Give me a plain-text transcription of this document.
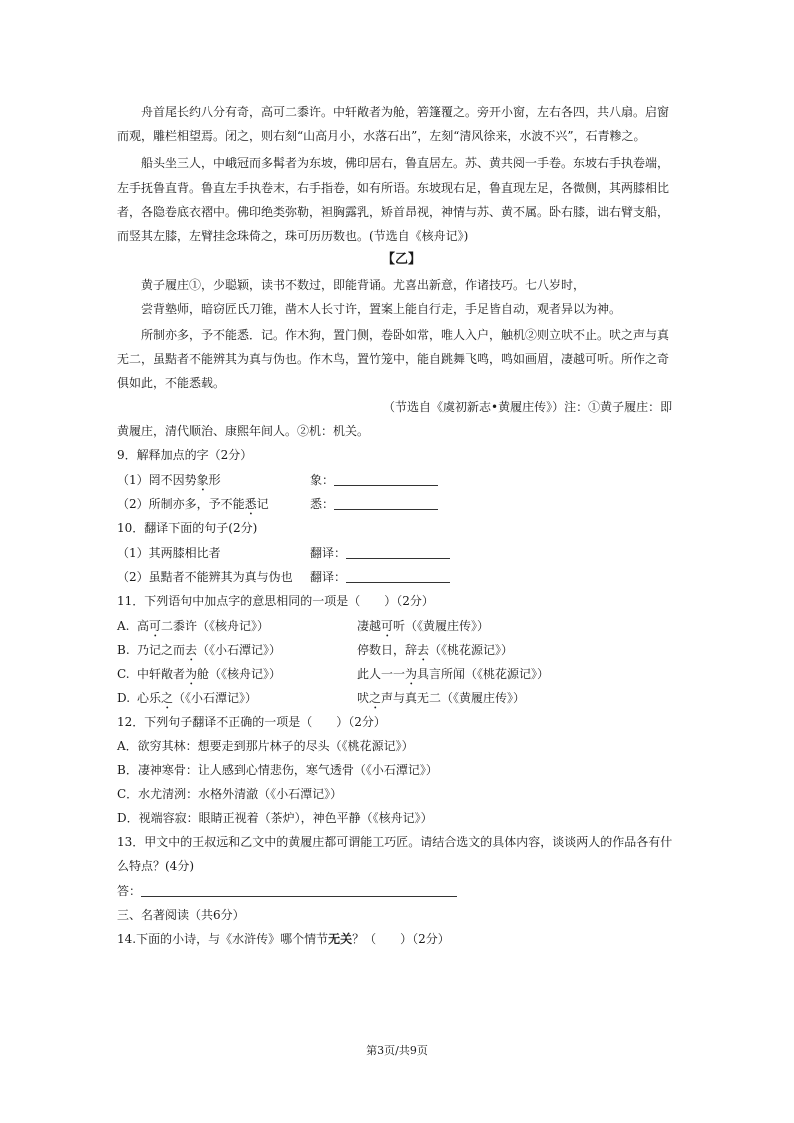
舟首尾长约八分有奇，高可二黍许。中轩敞者为舱，箬篷覆之。旁开小窗，左右各四，共八扇。启窗
而观，雕栏相望焉。闭之，则右刻“山高月小，水落石出”，左刻“清风徐来，水波不兴”，石青糁之。
船头坐三人，中峨冠而多髯者为东坡，佛印居右，鲁直居左。苏、黄共阅一手卷。东坡右手执卷端，
左手抚鲁直背。鲁直左手执卷末，右手指卷，如有所语。东坡现右足，鲁直现左足，各微侧，其两膝相比
者，各隐卷底衣褶中。佛印绝类弥勒，袒胸露乳，矫首昂视，神情与苏、黄不属。卧右膝，诎右臂支船，
而竖其左膝，左臂挂念珠倚之，珠可历历数也。(节选自《核舟记》)
【乙】
黄子履庄①，少聪颖，读书不数过，即能背诵。尤喜出新意，作诸技巧。七八岁时，
尝背塾师，暗窃匠氏刀锥，凿木人长寸许，置案上能自行走，手足皆自动，观者异以为神。
所制亦多，予不能悉．记。作木狗，置门侧，卷卧如常，唯人入户，触机②则立吠不止。吠之声与真
无二，虽黠者不能辨其为真与伪也。作木鸟，置竹笼中，能自跳舞飞鸣，鸣如画眉，凄越可听。所作之奇
俱如此，不能悉载。
（节选自《虞初新志•黄履庄传》）注：①黄子履庄：即
黄履庄，清代顺治、康熙年间人。②机：机关。
9．解释加点的字（2分）
（1）罔不因势象形	象：
（2）所制亦多，予不能悉记	悉：
10．翻译下面的句子(2分)
（1）其两膝相比者	翻译：
（2）虽黠者不能辨其为真与伪也 翻译：
11．下列语句中加点字的意思相同的一项是（　　）（2分）
A. 高可二黍许（《核舟记》）	凄越可听（《黄履庄传》）
B. 乃记之而去（《小石潭记》）	停数日，辞去（《桃花源记》）
C. 中轩敞者为舱（《核舟记》）	此人一一为具言所闻（《桃花源记》）
D. 心乐之（《小石潭记》）	吠之声与真无二（《黄履庄传》）
12．下列句子翻译不正确的一项是（　　）（2分）
A．欲穷其林：想要走到那片林子的尽头（《桃花源记》）
B．凄神寒骨：让人感到心情悲伤，寒气透骨（《小石潭记》）
C．水尤清洌：水格外清澈（《小石潭记》）
D．视端容寂：眼睛正视着（茶炉），神色平静（《核舟记》）
13．甲文中的王叔远和乙文中的黄履庄都可谓能工巧匠。请结合选文的具体内容，谈谈两人的作品各有什
么特点？(4分)
答：
三、名著阅读（共6分）
14.下面的小诗，与《水浒传》哪个情节无关？（　　）（2分）
第3页/共9页
